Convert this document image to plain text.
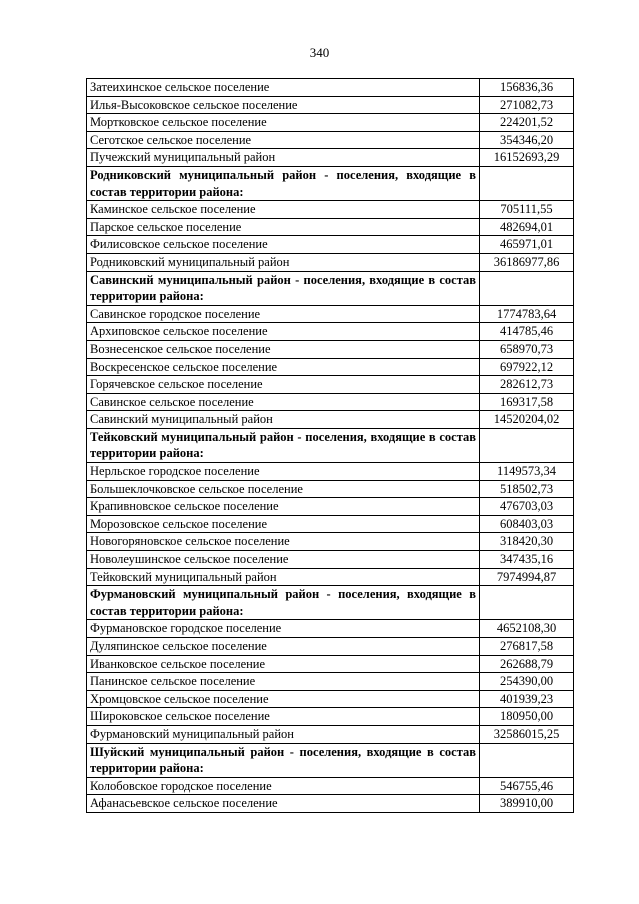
340
Затеихинское сельское поселение	156836,36
Илья-Высоковское сельское поселение	271082,73
Мортковское сельское поселение	224201,52
Сеготское сельское поселение	354346,20
Пучежский муниципальный район	16152693,29
Родниковский муниципальный район - поселения, входящие в состав территории района:	
Каминское сельское поселение	705111,55
Парское сельское поселение	482694,01
Филисовское сельское поселение	465971,01
Родниковский муниципальный район	36186977,86
Савинский муниципальный район - поселения, входящие в состав территории района:	
Савинское городское поселение	1774783,64
Архиповское сельское поселение	414785,46
Вознесенское сельское поселение	658970,73
Воскресенское сельское поселение	697922,12
Горячевское сельское поселение	282612,73
Савинское сельское поселение	169317,58
Савинский муниципальный район	14520204,02
Тейковский муниципальный район - поселения, входящие в состав территории района:	
Нерльское городское поселение	1149573,34
Большеклочковское сельское поселение	518502,73
Крапивновское сельское поселение	476703,03
Морозовское сельское поселение	608403,03
Новогоряновское сельское поселение	318420,30
Новолеушинское сельское поселение	347435,16
Тейковский муниципальный район	7974994,87
Фурмановский муниципальный район - поселения, входящие в состав территории района:	
Фурмановское городское поселение	4652108,30
Дуляпинское сельское поселение	276817,58
Иванковское сельское поселение	262688,79
Панинское сельское поселение	254390,00
Хромцовское сельское поселение	401939,23
Широковское сельское поселение	180950,00
Фурмановский муниципальный район	32586015,25
Шуйский муниципальный район - поселения, входящие в состав территории района:	
Колобовское городское поселение	546755,46
Афанасьевское сельское поселение	389910,00
